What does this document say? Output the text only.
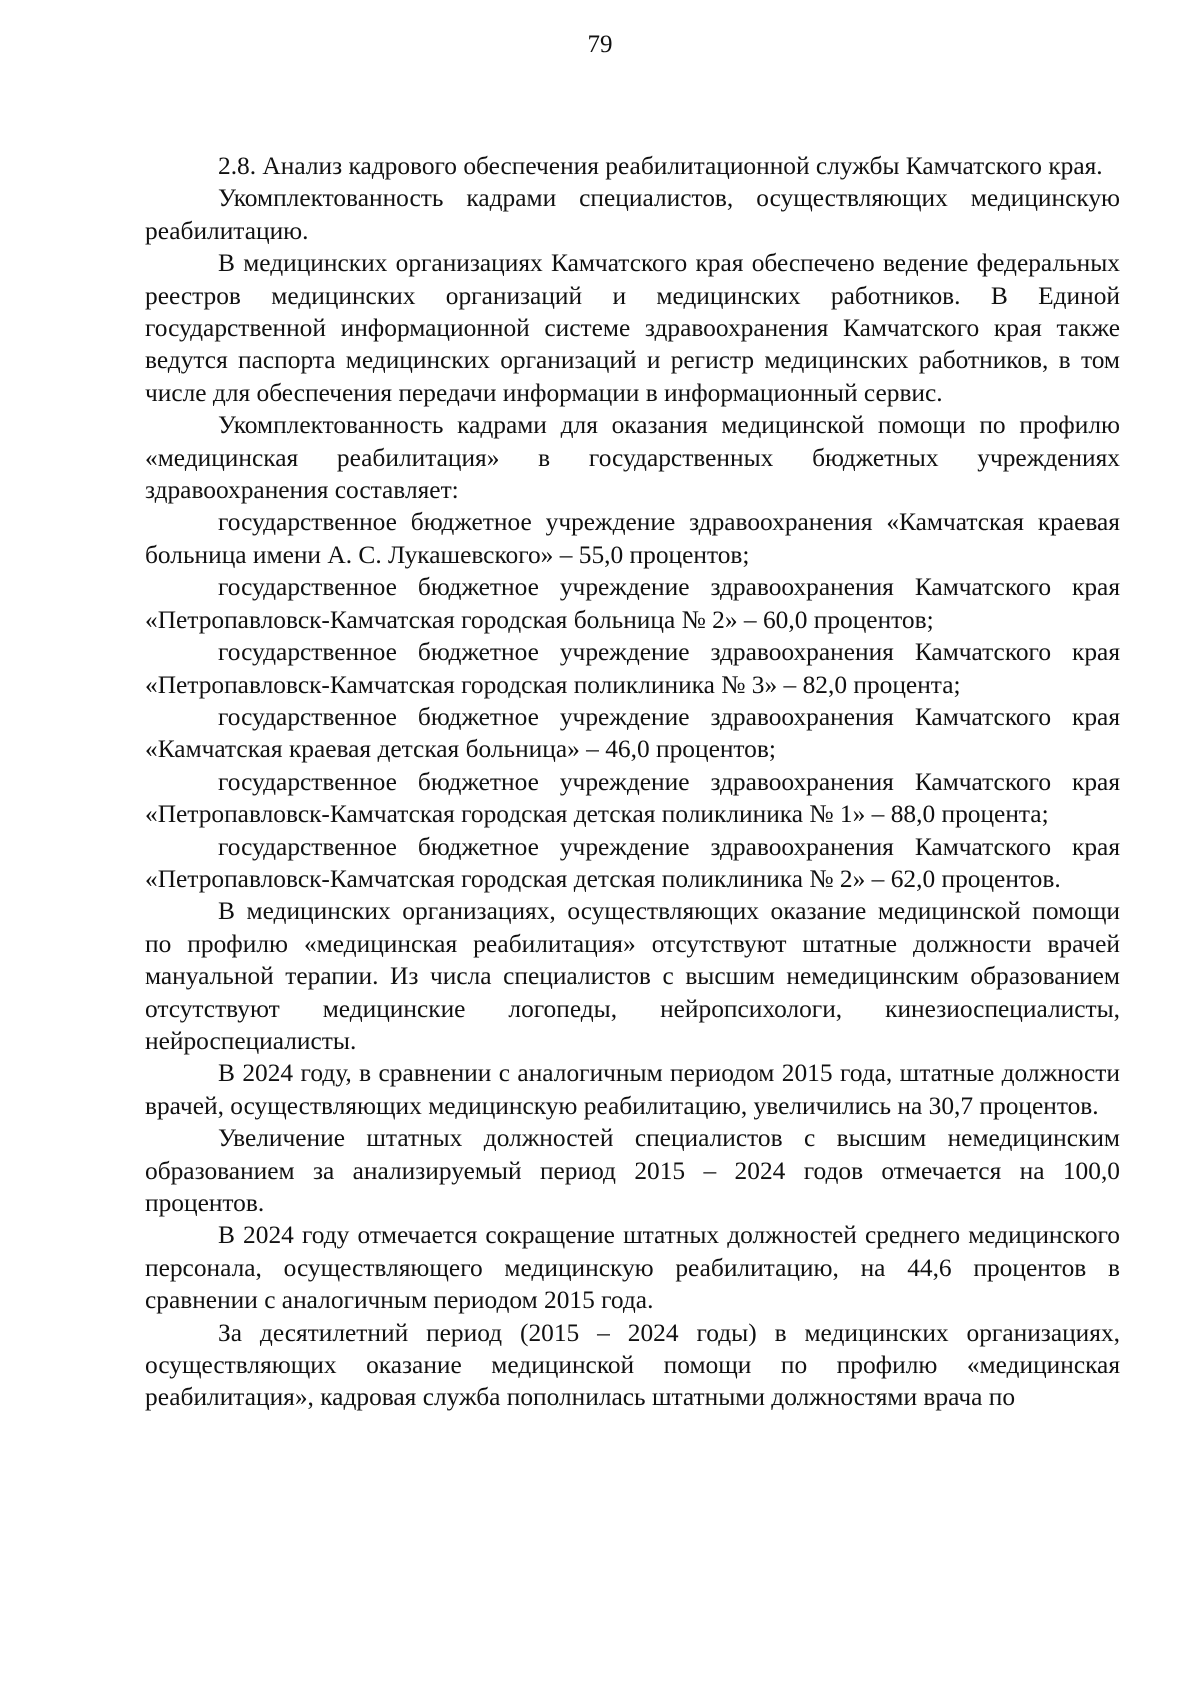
79

2.8. Анализ кадрового обеспечения реабилитационной службы Камчатского края.

Укомплектованность кадрами специалистов, осуществляющих медицинскую реабилитацию.

В медицинских организациях Камчатского края обеспечено ведение федеральных реестров медицинских организаций и медицинских работников. В Единой государственной информационной системе здравоохранения Камчатского края также ведутся паспорта медицинских организаций и регистр медицинских работников, в том числе для обеспечения передачи информации в информационный сервис.

Укомплектованность кадрами для оказания медицинской помощи по профилю «медицинская реабилитация» в государственных бюджетных учреждениях здравоохранения составляет:

государственное бюджетное учреждение здравоохранения «Камчатская краевая больница имени А. С. Лукашевского» – 55,0 процентов;

государственное бюджетное учреждение здравоохранения Камчатского края «Петропавловск-Камчатская городская больница № 2» – 60,0 процентов;

государственное бюджетное учреждение здравоохранения Камчатского края «Петропавловск-Камчатская городская поликлиника № 3» – 82,0 процента;

государственное бюджетное учреждение здравоохранения Камчатского края «Камчатская краевая детская больница» – 46,0 процентов;

государственное бюджетное учреждение здравоохранения Камчатского края «Петропавловск-Камчатская городская детская поликлиника № 1» – 88,0 процента;

государственное бюджетное учреждение здравоохранения Камчатского края «Петропавловск-Камчатская городская детская поликлиника № 2» – 62,0 процентов.

В медицинских организациях, осуществляющих оказание медицинской помощи по профилю «медицинская реабилитация» отсутствуют штатные должности врачей мануальной терапии. Из числа специалистов с высшим немедицинским образованием отсутствуют медицинские логопеды, нейропсихологи, кинезиоспециалисты, нейроспециалисты.

В 2024 году, в сравнении с аналогичным периодом 2015 года, штатные должности врачей, осуществляющих медицинскую реабилитацию, увеличились на 30,7 процентов.

Увеличение штатных должностей специалистов с высшим немедицинским образованием за анализируемый период 2015 – 2024 годов отмечается на 100,0 процентов.

В 2024 году отмечается сокращение штатных должностей среднего медицинского персонала, осуществляющего медицинскую реабилитацию, на 44,6 процентов в сравнении с аналогичным периодом 2015 года.

За десятилетний период (2015 – 2024 годы) в медицинских организациях, осуществляющих оказание медицинской помощи по профилю «медицинская реабилитация», кадровая служба пополнилась штатными должностями врача по
